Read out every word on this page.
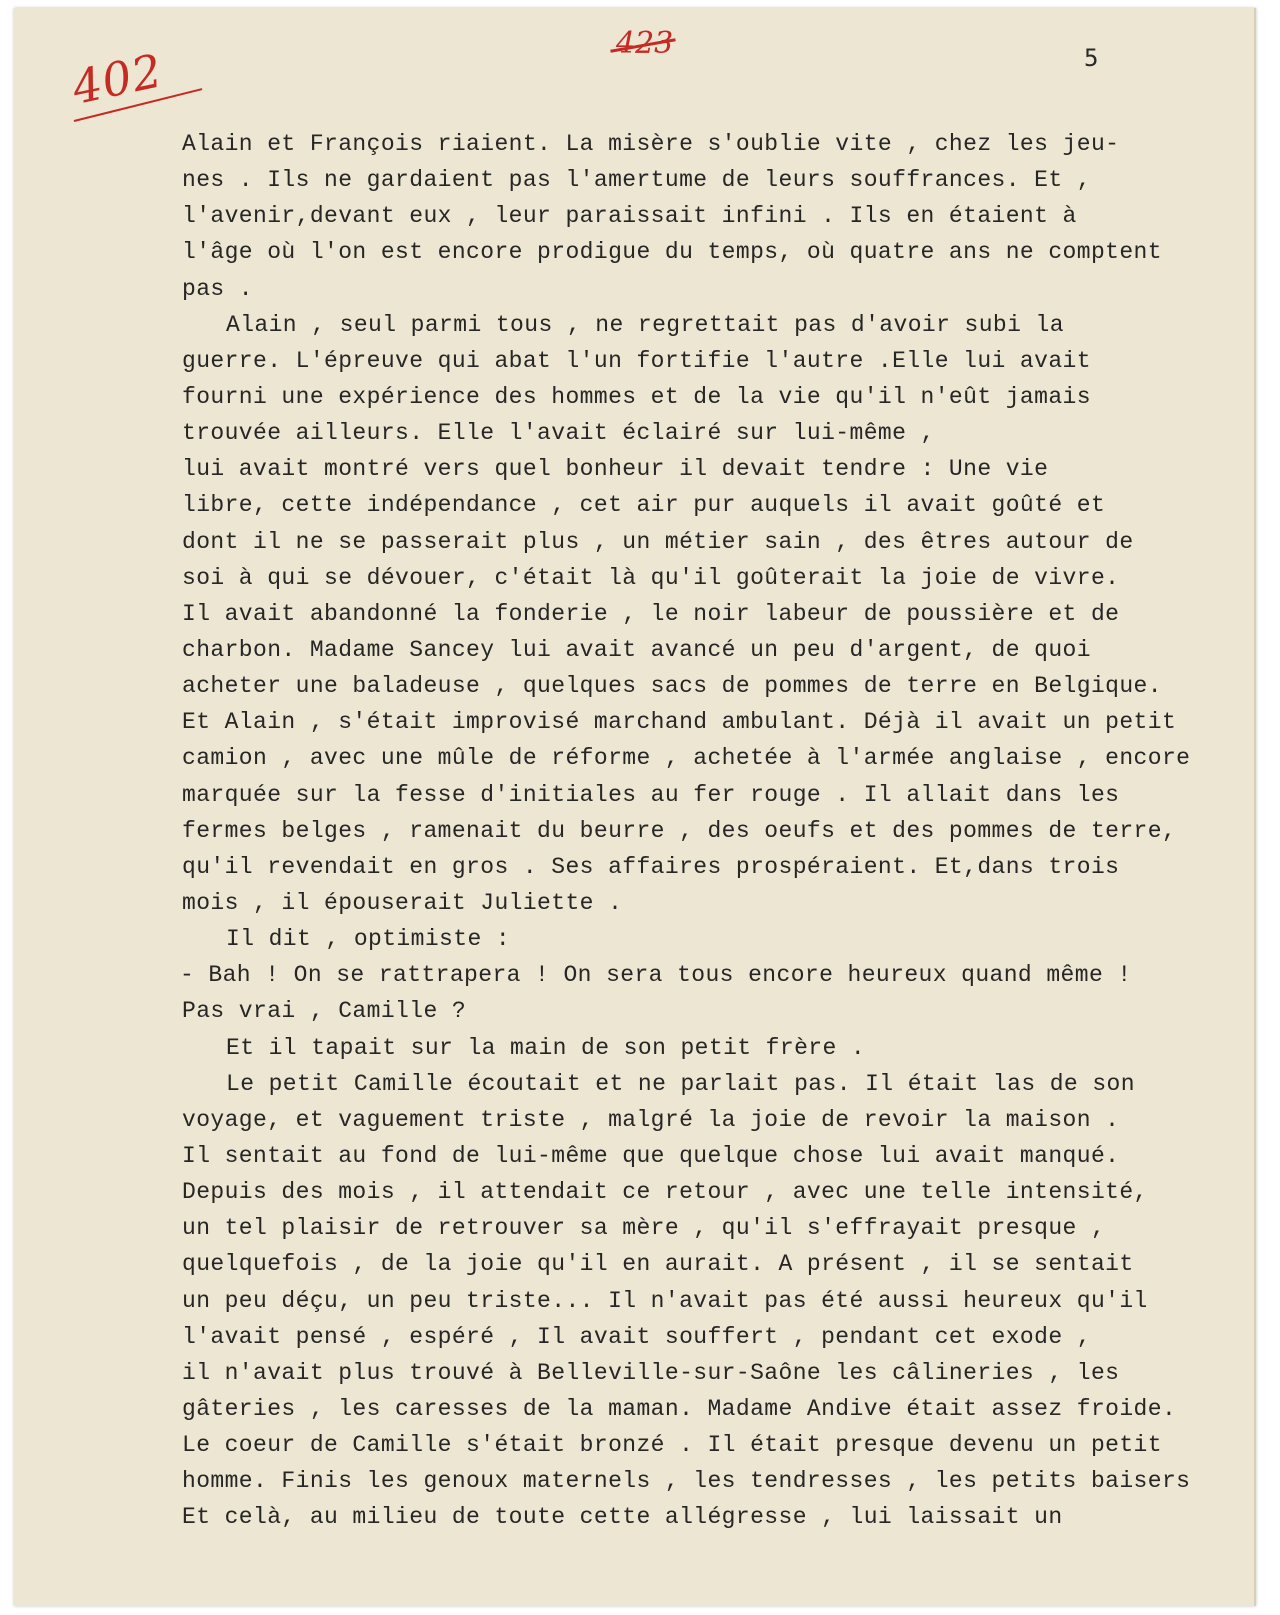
402	423	5
Alain et François riaient. La misère s'oublie vite , chez les jeu-
nes . Ils ne gardaient pas l'amertume de leurs souffrances. Et ,
l'avenir,devant eux , leur paraissait infini . Ils en étaient à
l'âge où l'on est encore prodigue du temps, où quatre ans ne comptent
pas .
Alain , seul parmi tous , ne regrettait pas d'avoir subi la
guerre. L'épreuve qui abat l'un fortifie l'autre .Elle lui avait
fourni une expérience des hommes et de la vie qu'il n'eût jamais
trouvée ailleurs. Elle l'avait éclairé sur lui-même ,
lui avait montré vers quel bonheur il devait tendre : Une vie
libre, cette indépendance , cet air pur auquels il avait goûté et
dont il ne se passerait plus , un métier sain , des êtres autour de
soi à qui se dévouer, c'était là qu'il goûterait la joie de vivre.
Il avait abandonné la fonderie , le noir labeur de poussière et de
charbon. Madame Sancey lui avait avancé un peu d'argent, de quoi
acheter une baladeuse , quelques sacs de pommes de terre en Belgique.
Et Alain , s'était improvisé marchand ambulant. Déjà il avait un petit
camion , avec une mûle de réforme , achetée à l'armée anglaise , encore
marquée sur la fesse d'initiales au fer rouge . Il allait dans les
fermes belges , ramenait du beurre , des oeufs et des pommes de terre,
qu'il revendait en gros . Ses affaires prospéraient. Et,dans trois
mois , il épouserait Juliette .
Il dit , optimiste :
- Bah ! On se rattrapera ! On sera tous encore heureux quand même !
Pas vrai , Camille ?
Et il tapait sur la main de son petit frère .
Le petit Camille écoutait et ne parlait pas. Il était las de son
voyage, et vaguement triste , malgré la joie de revoir la maison .
Il sentait au fond de lui-même que quelque chose lui avait manqué.
Depuis des mois , il attendait ce retour , avec une telle intensité,
un tel plaisir de retrouver sa mère , qu'il s'effrayait presque ,
quelquefois , de la joie qu'il en aurait. A présent , il se sentait
un peu déçu, un peu triste... Il n'avait pas été aussi heureux qu'il
l'avait pensé , espéré , Il avait souffert , pendant cet exode ,
il n'avait plus trouvé à Belleville-sur-Saône les câlineries , les
gâteries , les caresses de la maman. Madame Andive était assez froide.
Le coeur de Camille s'était bronzé . Il était presque devenu un petit
homme. Finis les genoux maternels , les tendresses , les petits baisers
Et celà, au milieu de toute cette allégresse , lui laissait un
